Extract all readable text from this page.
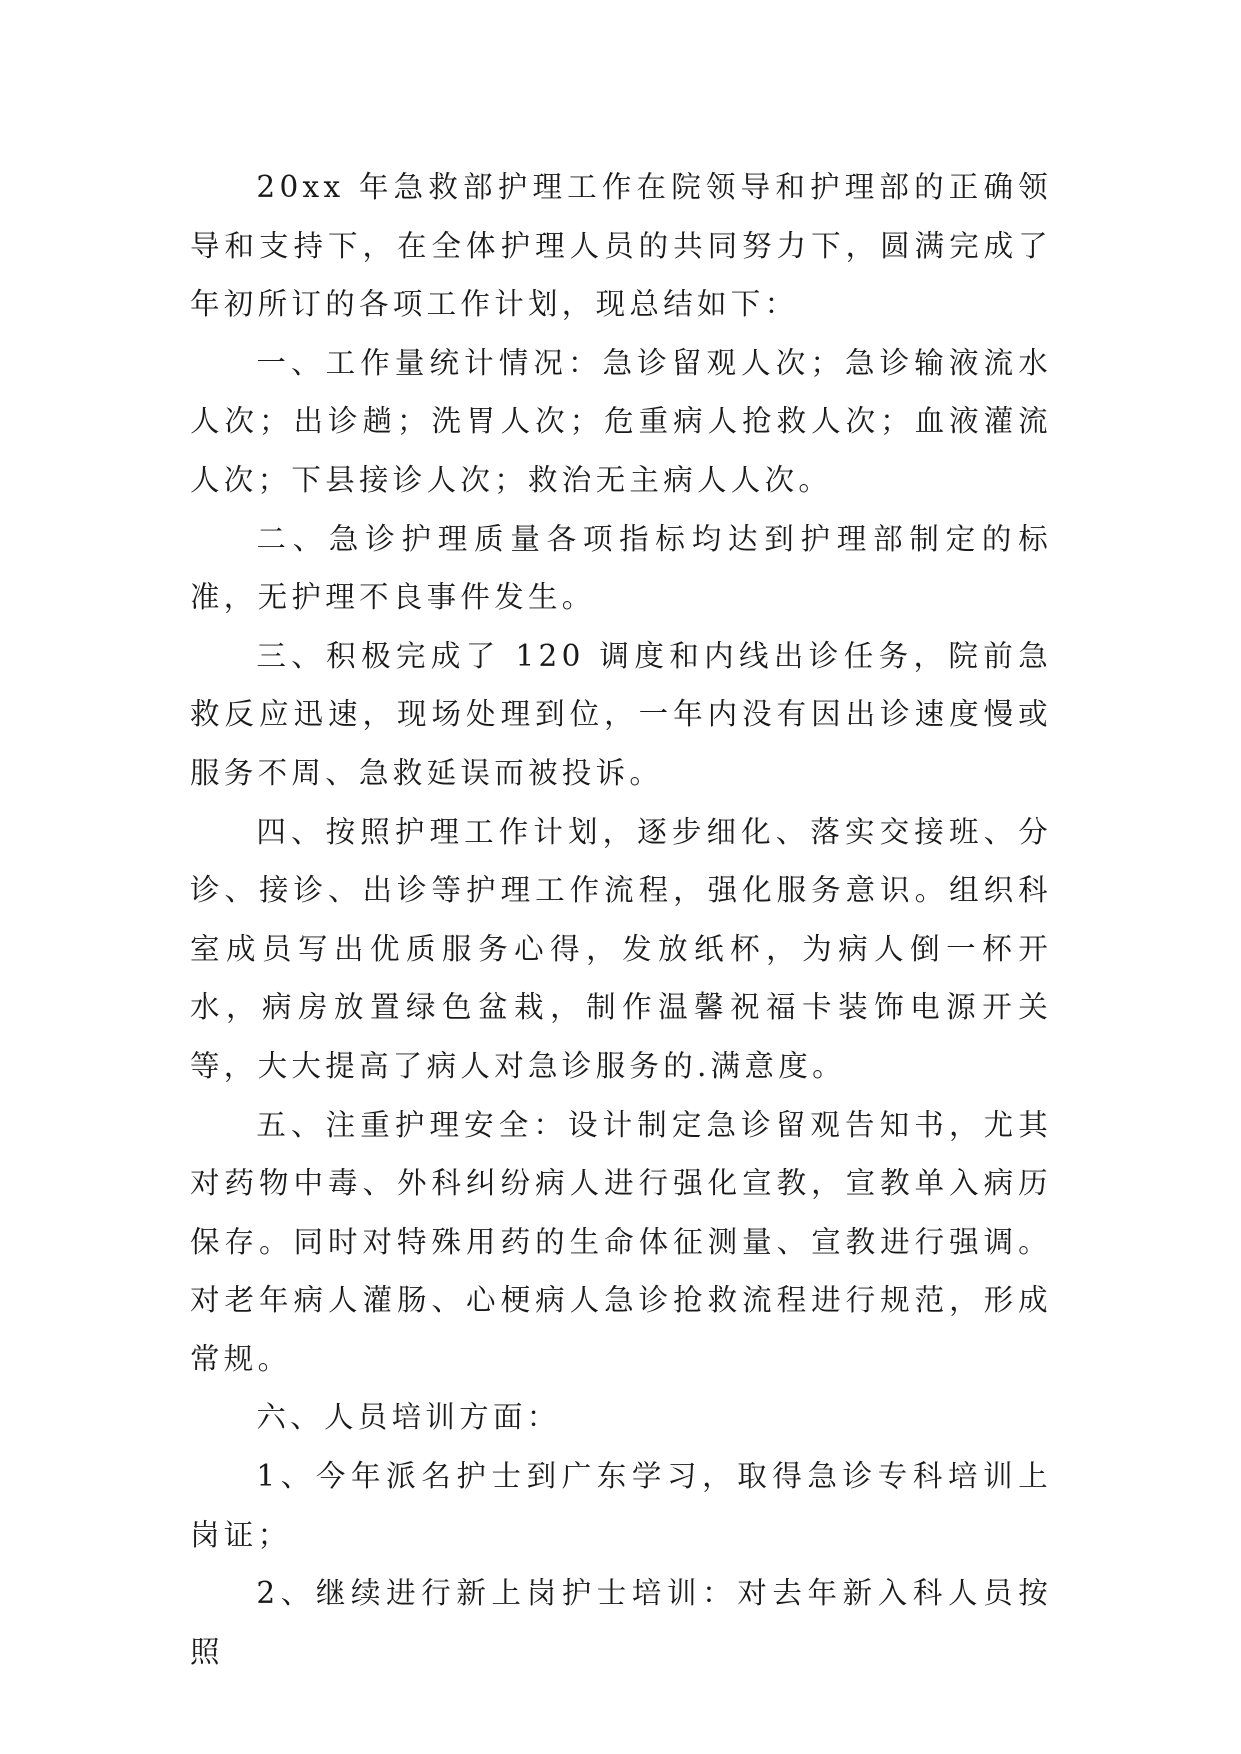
20xx 年急救部护理工作在院领导和护理部的正确领导和支持下，在全体护理人员的共同努力下，圆满完成了年初所订的各项工作计划，现总结如下：

一、工作量统计情况：急诊留观人次；急诊输液流水人次；出诊趟；洗胃人次；危重病人抢救人次；血液灌流人次；下县接诊人次；救治无主病人人次。

二、急诊护理质量各项指标均达到护理部制定的标准，无护理不良事件发生。

三、积极完成了 120 调度和内线出诊任务，院前急救反应迅速，现场处理到位，一年内没有因出诊速度慢或服务不周、急救延误而被投诉。

四、按照护理工作计划，逐步细化、落实交接班、分诊、接诊、出诊等护理工作流程，强化服务意识。组织科室成员写出优质服务心得，发放纸杯，为病人倒一杯开水，病房放置绿色盆栽，制作温馨祝福卡装饰电源开关等，大大提高了病人对急诊服务的.满意度。

五、注重护理安全：设计制定急诊留观告知书，尤其对药物中毒、外科纠纷病人进行强化宣教，宣教单入病历保存。同时对特殊用药的生命体征测量、宣教进行强调。对老年病人灌肠、心梗病人急诊抢救流程进行规范，形成常规。

六、人员培训方面：

1、今年派名护士到广东学习，取得急诊专科培训上岗证；

2、继续进行新上岗护士培训：对去年新入科人员按照
